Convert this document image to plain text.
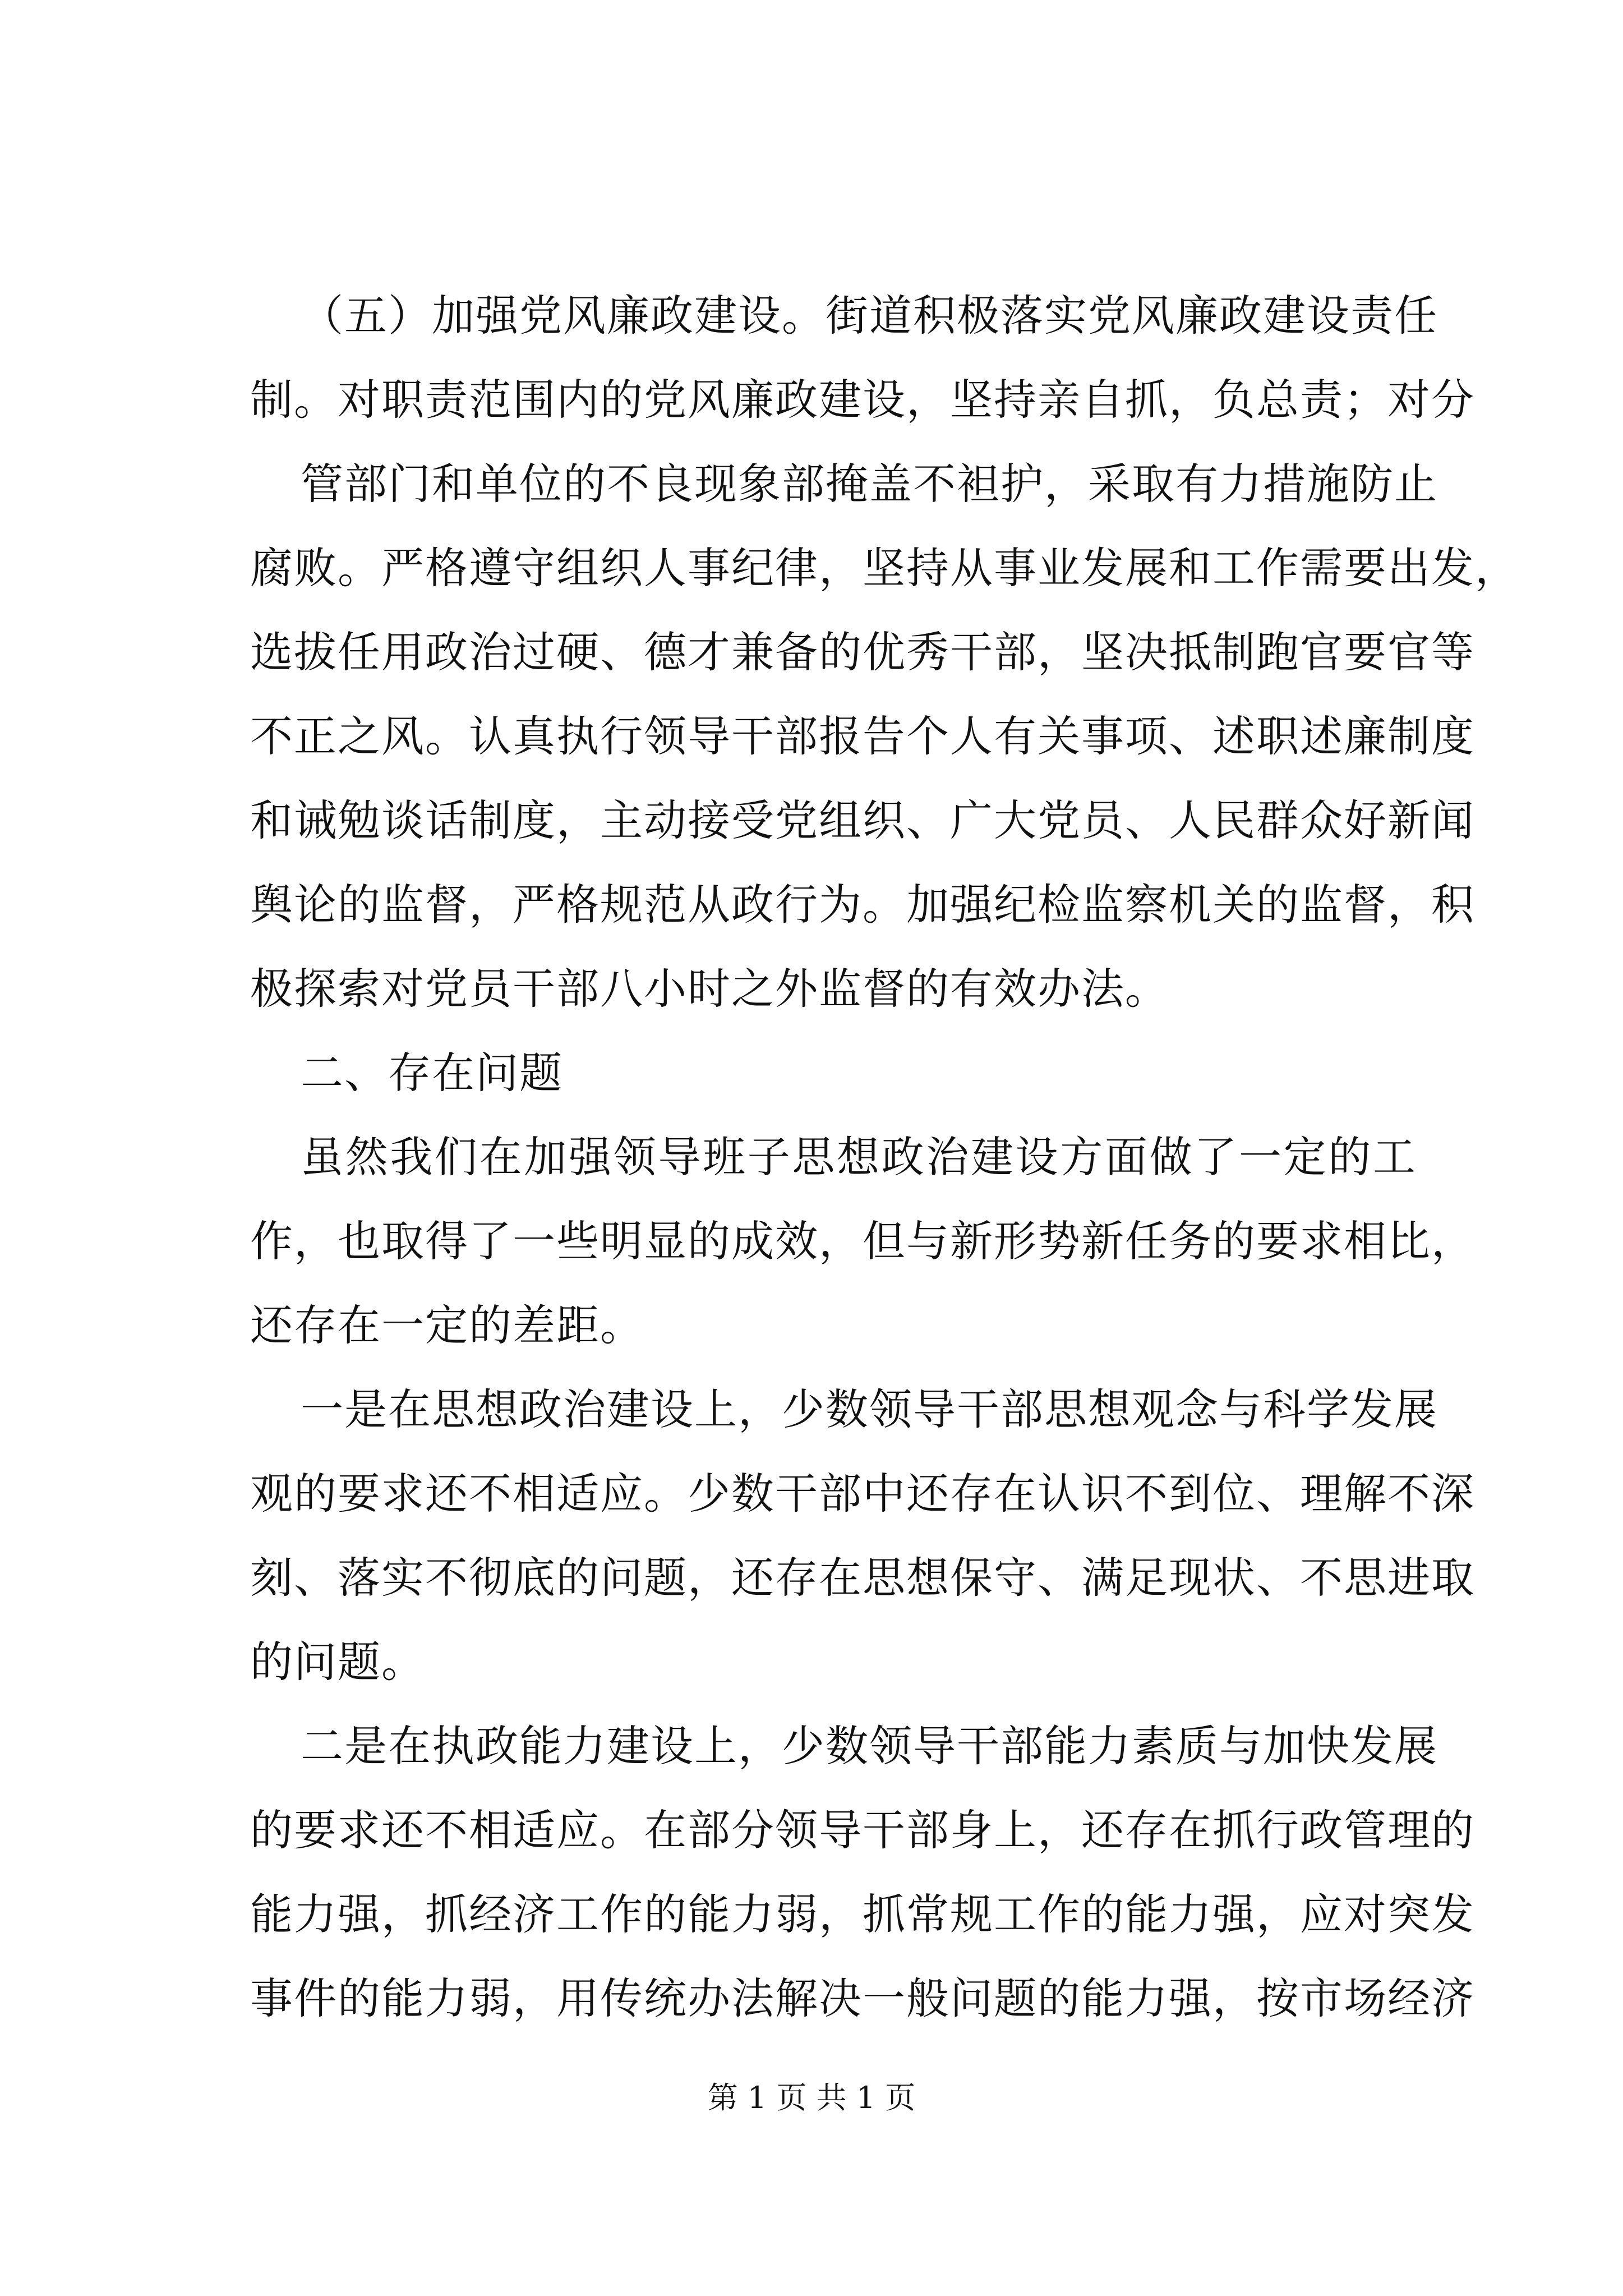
（五）加强党风廉政建设。街道积极落实党风廉政建设责任
制。对职责范围内的党风廉政建设，坚持亲自抓，负总责；对分
管部门和单位的不良现象部掩盖不袒护，采取有力措施防止
腐败。严格遵守组织人事纪律，坚持从事业发展和工作需要出发，
选拔任用政治过硬、德才兼备的优秀干部，坚决抵制跑官要官等
不正之风。认真执行领导干部报告个人有关事项、述职述廉制度
和诫勉谈话制度，主动接受党组织、广大党员、人民群众好新闻
舆论的监督，严格规范从政行为。加强纪检监察机关的监督，积
极探索对党员干部八小时之外监督的有效办法。
二、存在问题
虽然我们在加强领导班子思想政治建设方面做了一定的工
作，也取得了一些明显的成效，但与新形势新任务的要求相比，
还存在一定的差距。
一是在思想政治建设上，少数领导干部思想观念与科学发展
观的要求还不相适应。少数干部中还存在认识不到位、理解不深
刻、落实不彻底的问题，还存在思想保守、满足现状、不思进取
的问题。
二是在执政能力建设上，少数领导干部能力素质与加快发展
的要求还不相适应。在部分领导干部身上，还存在抓行政管理的
能力强，抓经济工作的能力弱，抓常规工作的能力强，应对突发
事件的能力弱，用传统办法解决一般问题的能力强，按市场经济
第 1 页 共 1 页
